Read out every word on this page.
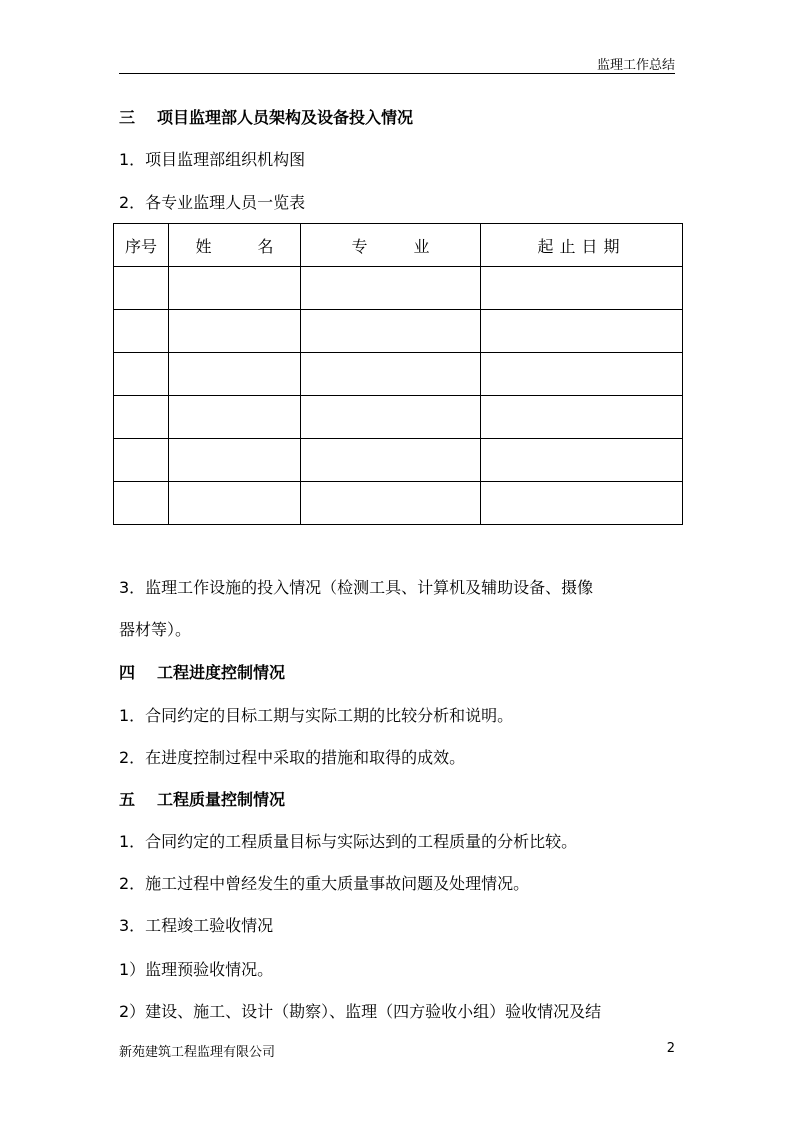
监理工作总结
三 项目监理部人员架构及设备投入情况
1．项目监理部组织机构图
2．各专业监理人员一览表
序号	姓 名	专 业	起止日期

3．监理工作设施的投入情况（检测工具、计算机及辅助设备、摄像
器材等）。
四 工程进度控制情况
1．合同约定的目标工期与实际工期的比较分析和说明。
2．在进度控制过程中采取的措施和取得的成效。
五 工程质量控制情况
1．合同约定的工程质量目标与实际达到的工程质量的分析比较。
2．施工过程中曾经发生的重大质量事故问题及处理情况。
3．工程竣工验收情况
1）监理预验收情况。
2）建设、施工、设计（勘察）、监理（四方验收小组）验收情况及结
新苑建筑工程监理有限公司	2
